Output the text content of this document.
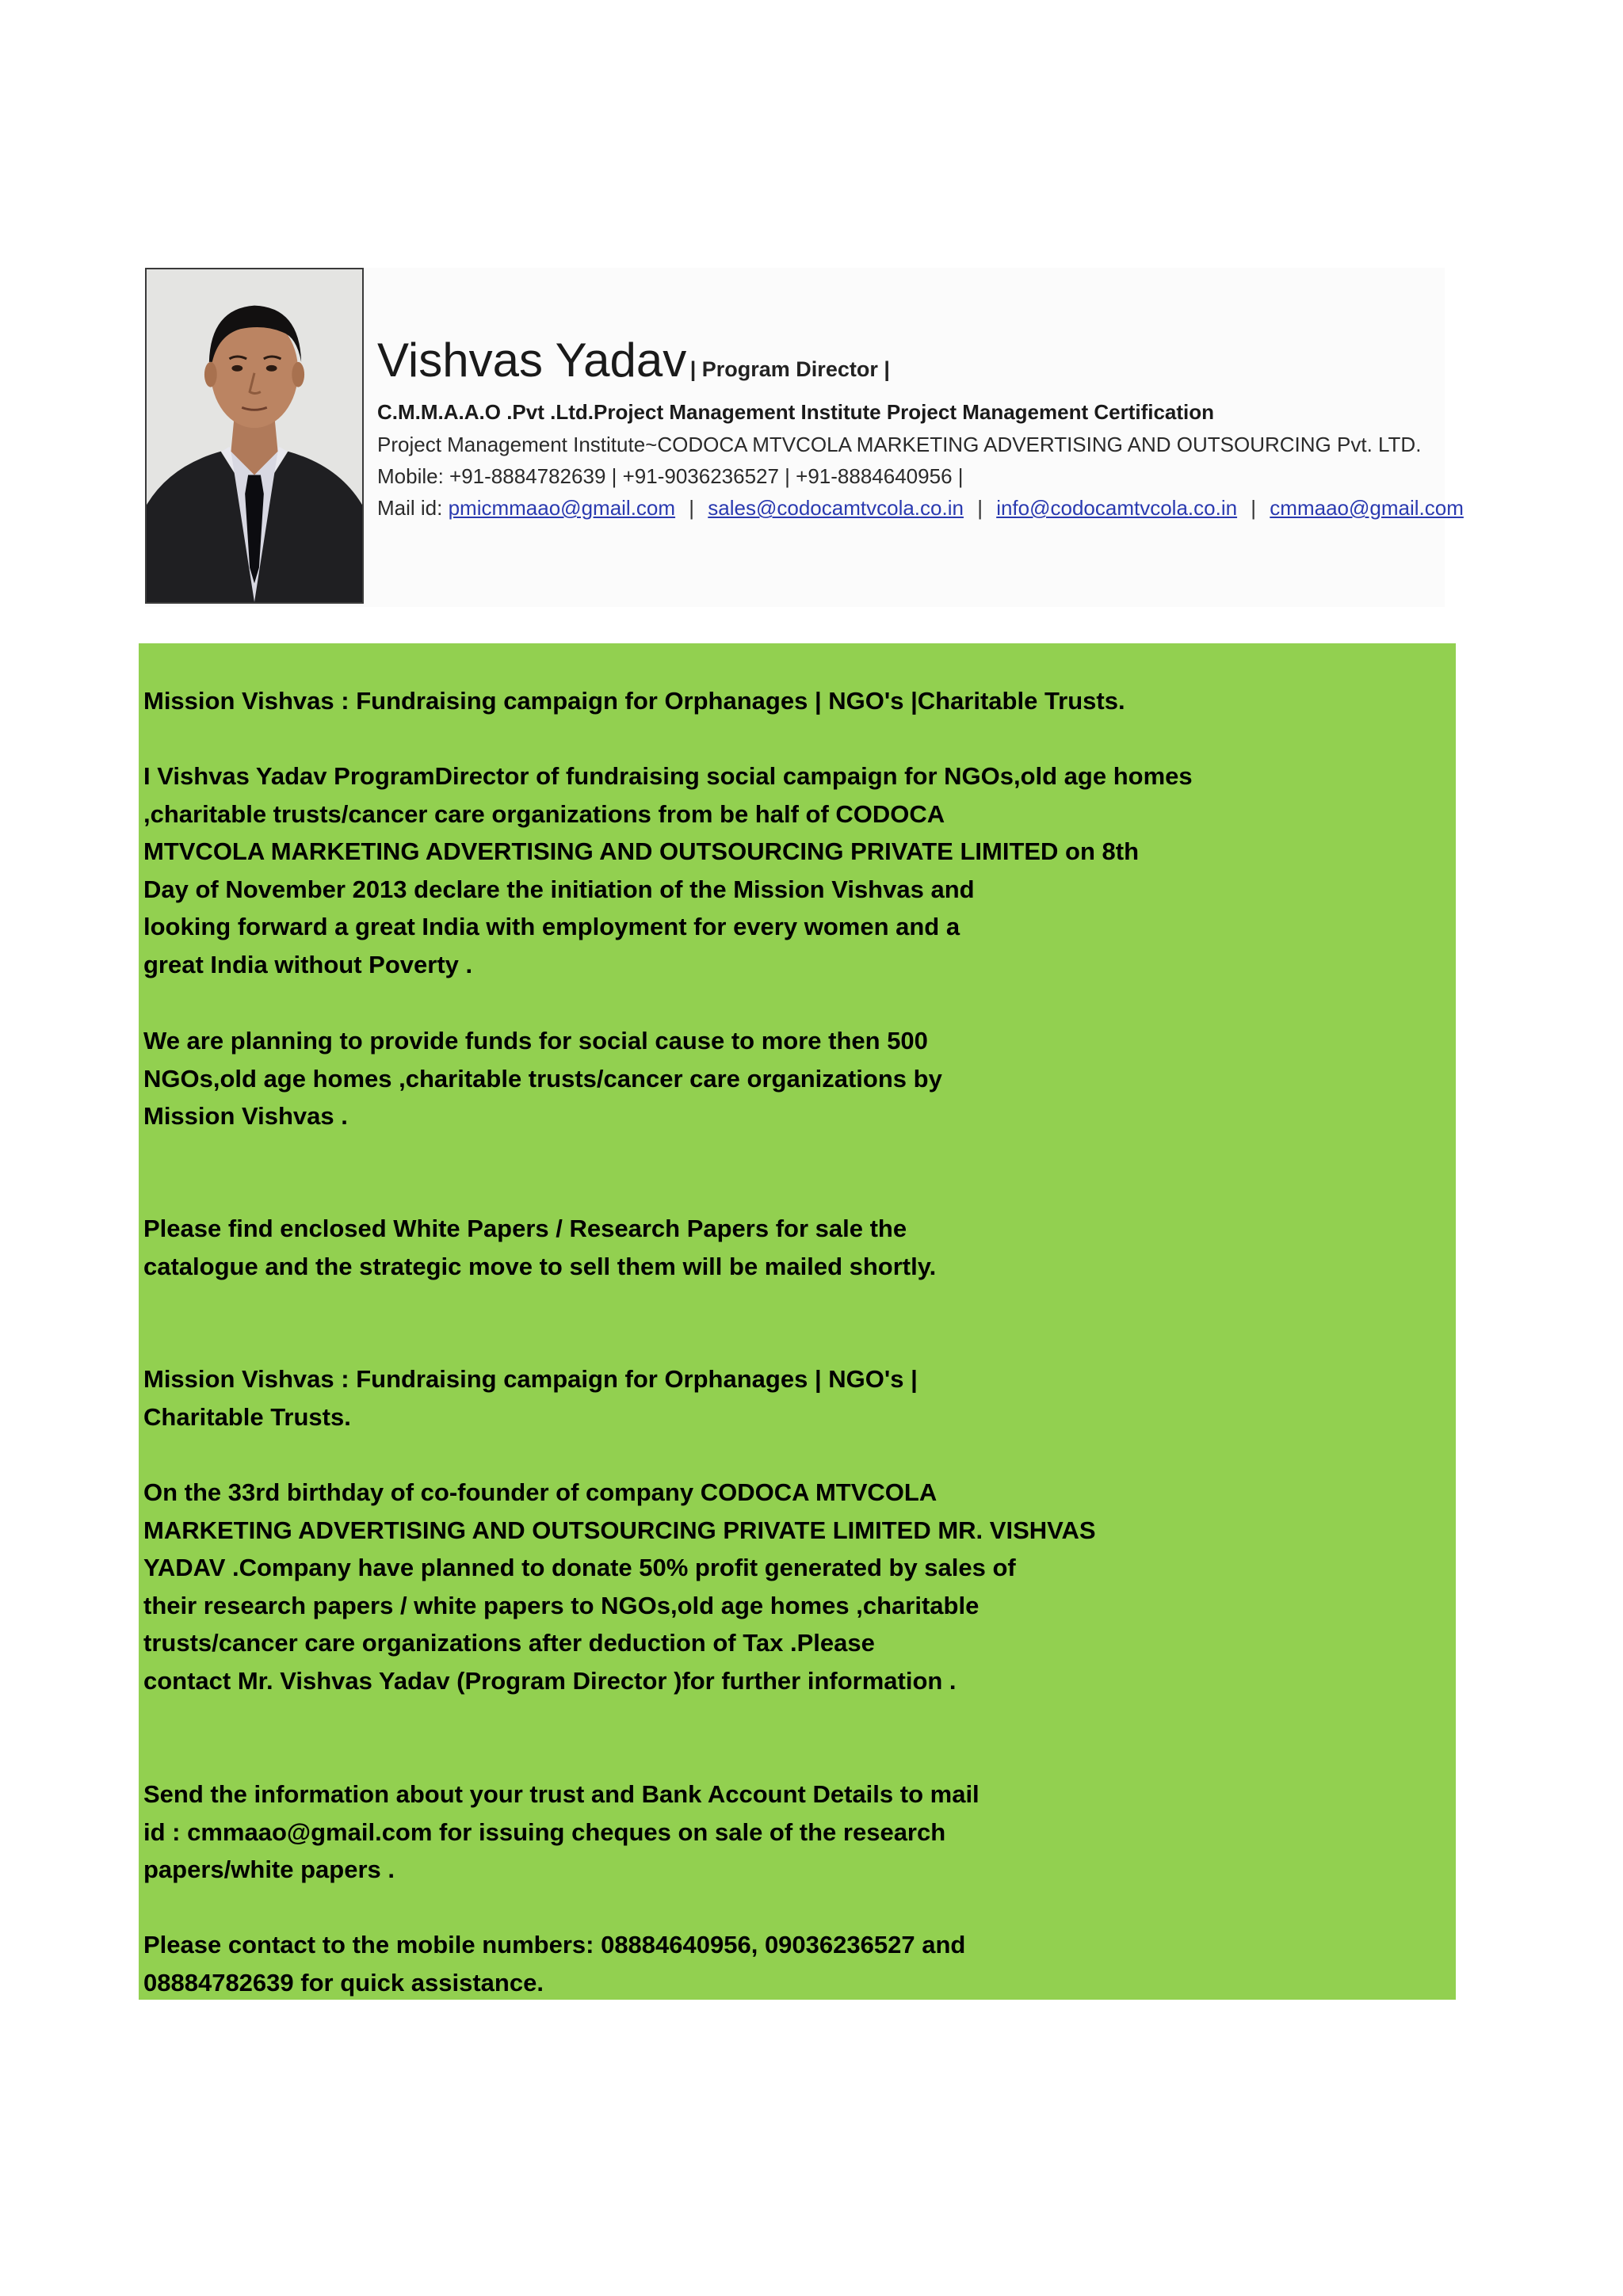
Vishvas Yadav | Program Director |
C.M.M.A.A.O .Pvt .Ltd.Project Management Institute Project Management Certification
Project Management Institute~CODOCA MTVCOLA MARKETING ADVERTISING AND OUTSOURCING Pvt. LTD.
Mobile: +91-8884782639 | +91-9036236527 | +91-8884640956 |
Mail id: pmicmmaao@gmail.com | sales@codocamtvcola.co.in | info@codocamtvcola.co.in | cmmaao@gmail.com

Mission Vishvas : Fundraising campaign for Orphanages | NGO's |Charitable Trusts.

I Vishvas Yadav ProgramDirector of fundraising social campaign for NGOs,old age homes
,charitable trusts/cancer care organizations from be half of CODOCA
MTVCOLA MARKETING ADVERTISING AND OUTSOURCING PRIVATE LIMITED on 8th
Day of November 2013 declare the initiation of the Mission Vishvas and
looking forward a great India with employment for every women and a
great India without Poverty .

We are planning to provide funds for social cause to more then 500
NGOs,old age homes ,charitable trusts/cancer care organizations by
Mission Vishvas .

Please find enclosed White Papers / Research Papers for sale the
catalogue and the strategic move to sell them will be mailed shortly.

Mission Vishvas : Fundraising campaign for Orphanages | NGO's |
Charitable Trusts.

On the 33rd birthday of co-founder of company CODOCA MTVCOLA
MARKETING ADVERTISING AND OUTSOURCING PRIVATE LIMITED MR. VISHVAS
YADAV .Company have planned to donate 50% profit generated by sales of
their research papers / white papers to NGOs,old age homes ,charitable
trusts/cancer care organizations after deduction of Tax .Please
contact Mr. Vishvas Yadav (Program Director )for further information .

Send the information about your trust and Bank Account Details to mail
id : cmmaao@gmail.com for issuing cheques on sale of the research
papers/white papers .

Please contact to the mobile numbers: 08884640956, 09036236527 and
08884782639 for quick assistance.
